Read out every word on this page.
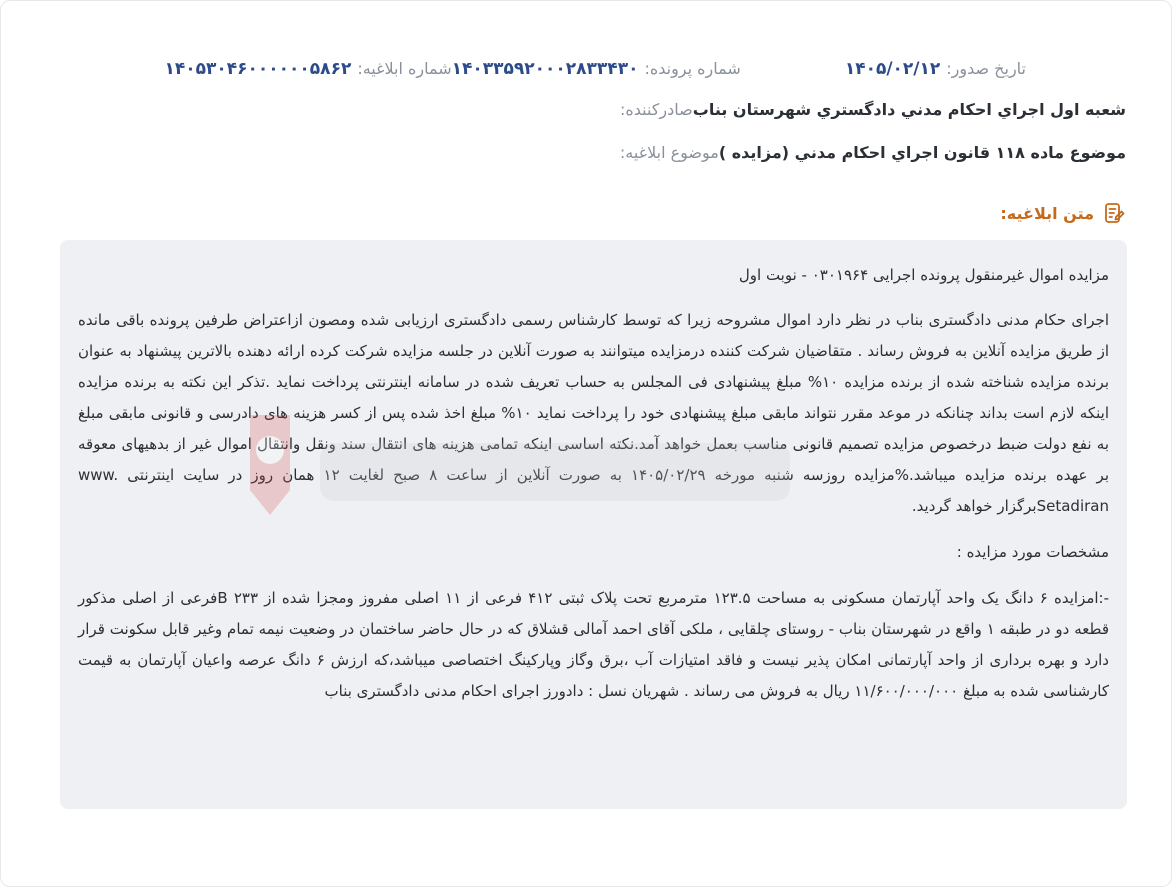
شماره ابلاغیه:
۱۴۰۵۳۰۴۶۰۰۰۰۰۰۵۸۶۲	شماره پرونده:
۱۴۰۳۳۵۹۲۰۰۰۲۸۳۳۴۳۰	تاریخ صدور:
۱۴۰۵/۰۲/۱۲
صادرکننده: شعبه اول اجراي احكام مدني دادگستري شهرستان بناب
موضوع ابلاغیه: موضوع ماده ۱۱۸ قانون اجراي احكام مدني (مزايده )
متن ابلاغیه:

مزایده اموال غیرمنقول پرونده اجرایی ۰۳۰۱۹۶۴ - نوبت اول

اجرای حکام مدنی دادگستری بناب در نظر دارد اموال مشروحه زیرا که توسط کارشناس رسمی دادگستری ارزیابی شده ومصون ازاعتراض طرفین پرونده باقی مانده از طریق مزایده آنلاین به فروش رساند . متقاضیان شرکت کننده درمزایده میتوانند به صورت آنلاین در جلسه مزایده شرکت کرده ارائه دهنده بالاترین پیشنهاد به عنوان برنده مزایده شناخته شده از برنده مزایده ۱۰% مبلغ پیشنهادی فی المجلس به حساب تعریف شده در سامانه اینترنتی پرداخت نماید .تذکر این نکته به برنده مزایده اینکه لازم است بداند چنانکه در موعد مقرر نتواند مابقی مبلغ پیشنهادی خود را پرداخت نماید ۱۰% مبلغ اخذ شده پس از کسر هزینه های دادرسی و قانونی مابقی مبلغ به نفع دولت ضبط درخصوص مزایده تصمیم قانونی مناسب بعمل خواهد آمد.نکته اساسی اینکه تمامی هزینه های انتقال سند ونقل وانتقال اموال غیر از بدهیهای معوقه بر عهده برنده مزایده میباشد.%مزایده روزسه شنبه مورخه ۱۴۰۵/۰۲/۲۹ به صورت آنلاین از ساعت ۸ صبح لغایت ۱۲ همان روز در سایت اینترنتی www. Setadiranبرگزار خواهد گردید.

مشخصات مورد مزایده :

-:امزایده ۶ دانگ یک واحد آپارتمان مسکونی به مساحت ۱۲۳.۵ مترمربع تحت پلاک ثبتی ۴۱۲ فرعی از ۱۱ اصلی مفروز ومجزا شده از ۲۳۳ Bفرعی از اصلی مذکور قطعه دو در طبقه ۱ واقع در شهرستان بناب - روستای چلقایی ، ملکی آقای احمد آمالی قشلاق که در حال حاضر ساختمان در وضعیت نیمه تمام وغیر قابل سکونت قرار دارد و بهره برداری از واحد آپارتمانی امکان پذیر نیست و فاقد امتیازات آب ،برق وگاز وپارکینگ اختصاصی میباشد،که ارزش ۶ دانگ عرصه واعیان آپارتمان به قیمت کارشناسی شده به مبلغ ۱۱/۶۰۰/۰۰۰/۰۰۰ ریال به فروش می رساند . شهریان نسل : دادورز اجرای احکام مدنی دادگستری بناب
